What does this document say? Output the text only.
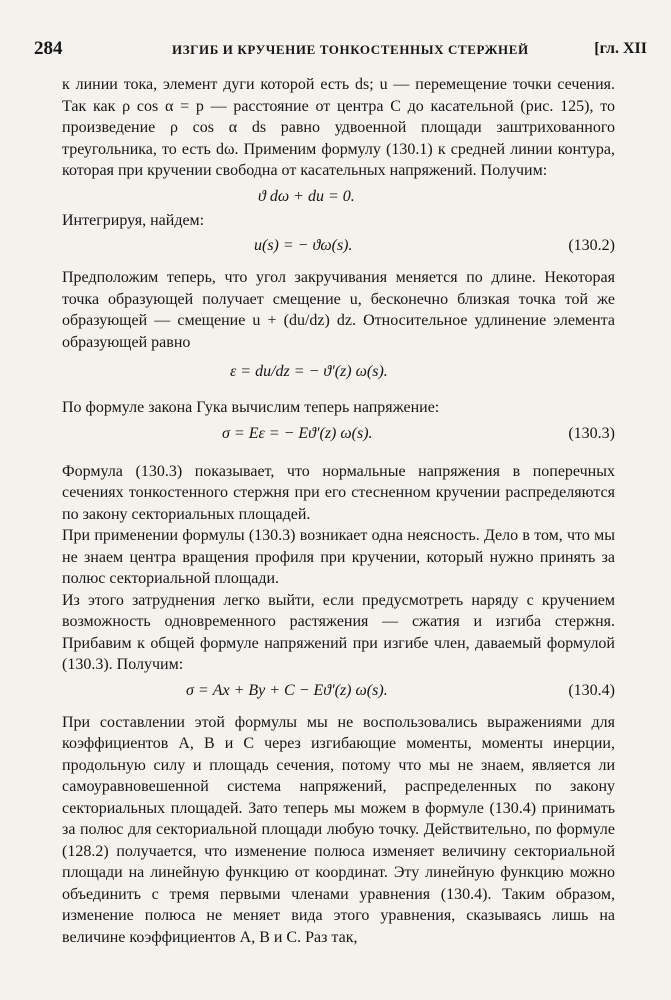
284	ИЗГИБ И КРУЧЕНИЕ ТОНКОСТЕННЫХ СТЕРЖНЕЙ	[гл. XII

к линии тока, элемент дуги которой есть ds; u — перемещение точки сечения. Так как ρ cos α = p — расстояние от центра C до касательной (рис. 125), то произведение ρ cos α ds равно удвоенной площади заштрихованного треугольника, то есть dω. Применим формулу (130.1) к средней линии контура, которая при кручении свободна от касательных напряжений. Получим:

ϑ dω + du = 0.

Интегрируя, найдем:

u(s) = − ϑω(s).	(130.2)

Предположим теперь, что угол закручивания меняется по длине. Некоторая точка образующей получает смещение u, бесконечно близкая точка той же образующей — смещение u + (du/dz) dz. Относительное удлинение элемента образующей равно

ε = du/dz = − ϑ′(z) ω(s).

По формуле закона Гука вычислим теперь напряжение:

σ = Eε = − Eϑ′(z) ω(s).	(130.3)

Формула (130.3) показывает, что нормальные напряжения в поперечных сечениях тонкостенного стержня при его стесненном кручении распределяются по закону секториальных площадей.

При применении формулы (130.3) возникает одна неясность. Дело в том, что мы не знаем центра вращения профиля при кручении, который нужно принять за полюс секториальной площади.

Из этого затруднения легко выйти, если предусмотреть наряду с кручением возможность одновременного растяжения — сжатия и изгиба стержня. Прибавим к общей формуле напряжений при изгибе член, даваемый формулой (130.3). Получим:

σ = Ax + By + C − Eϑ′(z) ω(s).	(130.4)

При составлении этой формулы мы не воспользовались выражениями для коэффициентов A, B и C через изгибающие моменты, моменты инерции, продольную силу и площадь сечения, потому что мы не знаем, является ли самоуравновешенной система напряжений, распределенных по закону секториальных площадей. Зато теперь мы можем в формуле (130.4) принимать за полюс для секториальной площади любую точку. Действительно, по формуле (128.2) получается, что изменение полюса изменяет величину секториальной площади на линейную функцию от координат. Эту линейную функцию можно объединить с тремя первыми членами уравнения (130.4). Таким образом, изменение полюса не меняет вида этого уравнения, сказываясь лишь на величине коэффициентов A, B и C. Раз так,
